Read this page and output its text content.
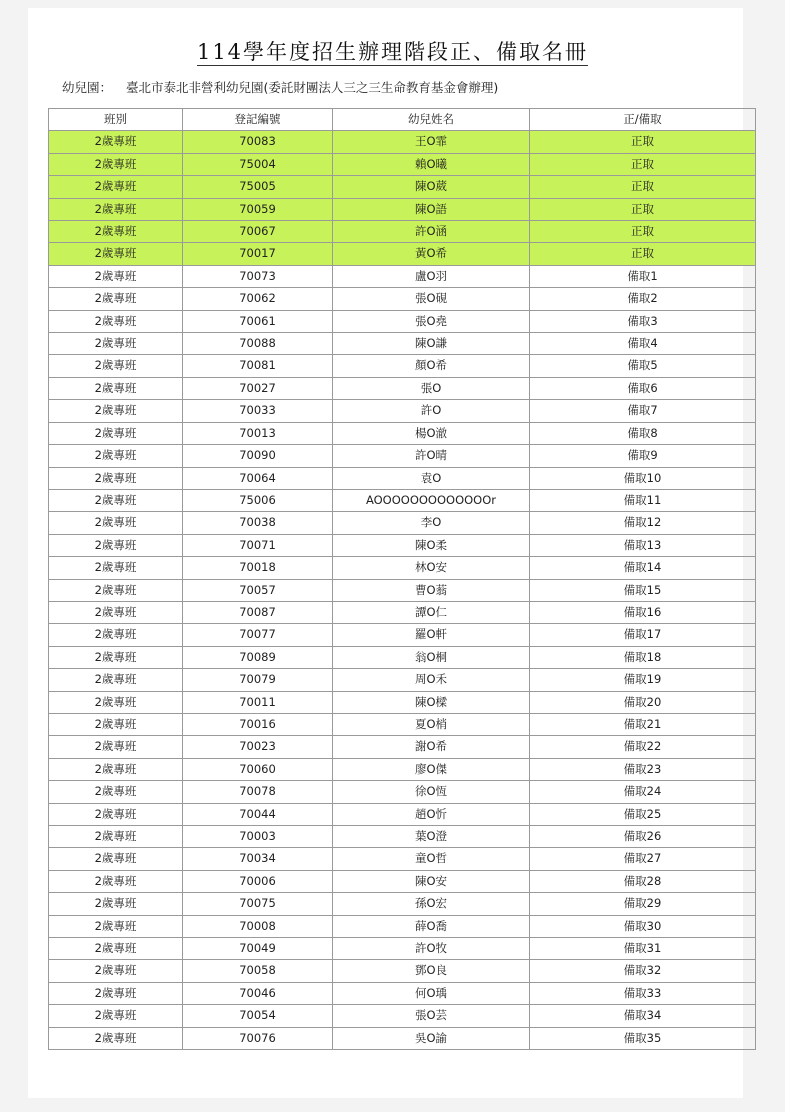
114學年度招生辦理階段正、備取名冊
幼兒園： 臺北市泰北非營利幼兒園(委託財團法人三之三生命教育基金會辦理)
班別	登記編號	幼兒姓名	正/備取
2歲專班	70083	王O霏	正取
2歲專班	75004	賴O曦	正取
2歲專班	75005	陳O葳	正取
2歲專班	70059	陳O語	正取
2歲專班	70067	許O涵	正取
2歲專班	70017	黃O希	正取
2歲專班	70073	盧O羽	備取1
2歲專班	70062	張O硯	備取2
2歲專班	70061	張O堯	備取3
2歲專班	70088	陳O謙	備取4
2歲專班	70081	顏O希	備取5
2歲專班	70027	張O	備取6
2歲專班	70033	許O	備取7
2歲專班	70013	楊O澈	備取8
2歲專班	70090	許O晴	備取9
2歲專班	70064	袁O	備取10
2歲專班	75006	AOOOOOOOOOOOOOr	備取11
2歲專班	70038	李O	備取12
2歲專班	70071	陳O柔	備取13
2歲專班	70018	林O安	備取14
2歲專班	70057	曹O蓊	備取15
2歲專班	70087	譚O仁	備取16
2歲專班	70077	羅O軒	備取17
2歲專班	70089	翁O桐	備取18
2歲專班	70079	周O禾	備取19
2歲專班	70011	陳O樑	備取20
2歲專班	70016	夏O梢	備取21
2歲專班	70023	謝O希	備取22
2歲專班	70060	廖O傑	備取23
2歲專班	70078	徐O恆	備取24
2歲專班	70044	趙O忻	備取25
2歲專班	70003	葉O澄	備取26
2歲專班	70034	童O哲	備取27
2歲專班	70006	陳O安	備取28
2歲專班	70075	孫O宏	備取29
2歲專班	70008	薛O喬	備取30
2歲專班	70049	許O牧	備取31
2歲專班	70058	鄧O良	備取32
2歲專班	70046	何O瑀	備取33
2歲專班	70054	張O芸	備取34
2歲專班	70076	吳O諭	備取35
